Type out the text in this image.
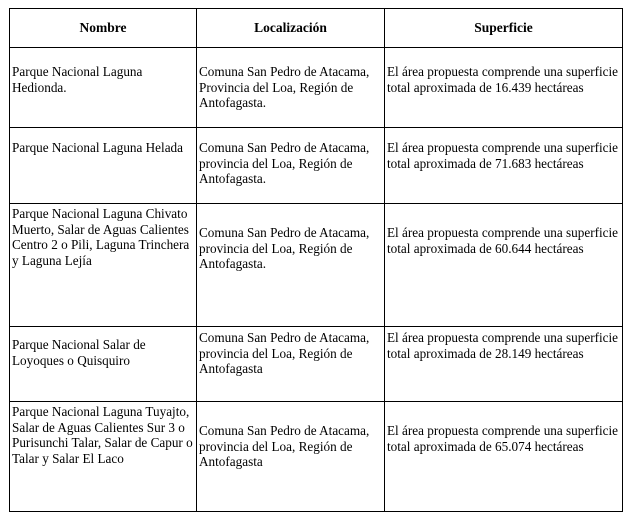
Nombre	Localización	Superficie
Parque Nacional Laguna Hedionda.	Comuna San Pedro de Atacama, Provincia del Loa, Región de Antofagasta.	El área propuesta comprende una superficie total aproximada de 16.439 hectáreas
Parque Nacional Laguna Helada	Comuna San Pedro de Atacama, provincia del Loa, Región de Antofagasta.	El área propuesta comprende una superficie total aproximada de 71.683 hectáreas
Parque Nacional Laguna Chivato Muerto, Salar de Aguas Calientes Centro 2 o Pili, Laguna Trinchera y Laguna Lejía	Comuna San Pedro de Atacama, provincia del Loa, Región de Antofagasta.	El área propuesta comprende una superficie total aproximada de 60.644 hectáreas
Parque Nacional Salar de Loyoques o Quisquiro	Comuna San Pedro de Atacama, provincia del Loa, Región de Antofagasta	El área propuesta comprende una superficie total aproximada de 28.149 hectáreas
Parque Nacional Laguna Tuyajto, Salar de Aguas Calientes Sur 3 o Purisunchi Talar, Salar de Capur o Talar y Salar El Laco	Comuna San Pedro de Atacama, provincia del Loa, Región de Antofagasta	El área propuesta comprende una superficie total aproximada de 65.074 hectáreas
